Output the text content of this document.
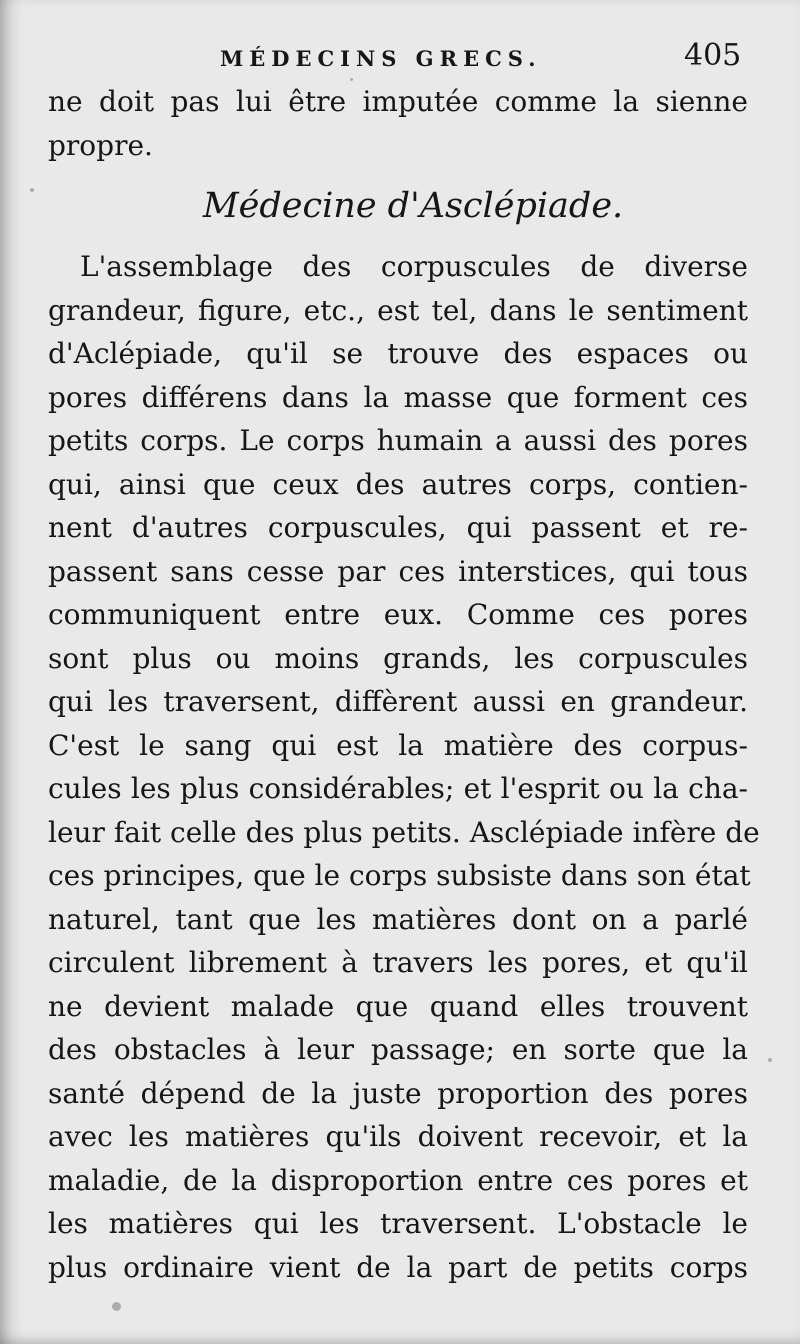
MÉDECINS GRECS.	405
ne doit pas lui être imputée comme la sienne
propre.
Médecine d'Asclépiade.
L'assemblage des corpuscules de diverse
grandeur, figure, etc., est tel, dans le sentiment
d'Aclépiade, qu'il se trouve des espaces ou
pores différens dans la masse que forment ces
petits corps. Le corps humain a aussi des pores
qui, ainsi que ceux des autres corps, contien-
nent d'autres corpuscules, qui passent et re-
passent sans cesse par ces interstices, qui tous
communiquent entre eux. Comme ces pores
sont plus ou moins grands, les corpuscules
qui les traversent, diffèrent aussi en grandeur.
C'est le sang qui est la matière des corpus-
cules les plus considérables; et l'esprit ou la cha-
leur fait celle des plus petits. Asclépiade infère de
ces principes, que le corps subsiste dans son état
naturel, tant que les matières dont on a parlé
circulent librement à travers les pores, et qu'il
ne devient malade que quand elles trouvent
des obstacles à leur passage; en sorte que la
santé dépend de la juste proportion des pores
avec les matières qu'ils doivent recevoir, et la
maladie, de la disproportion entre ces pores et
les matières qui les traversent. L'obstacle le
plus ordinaire vient de la part de petits corps
